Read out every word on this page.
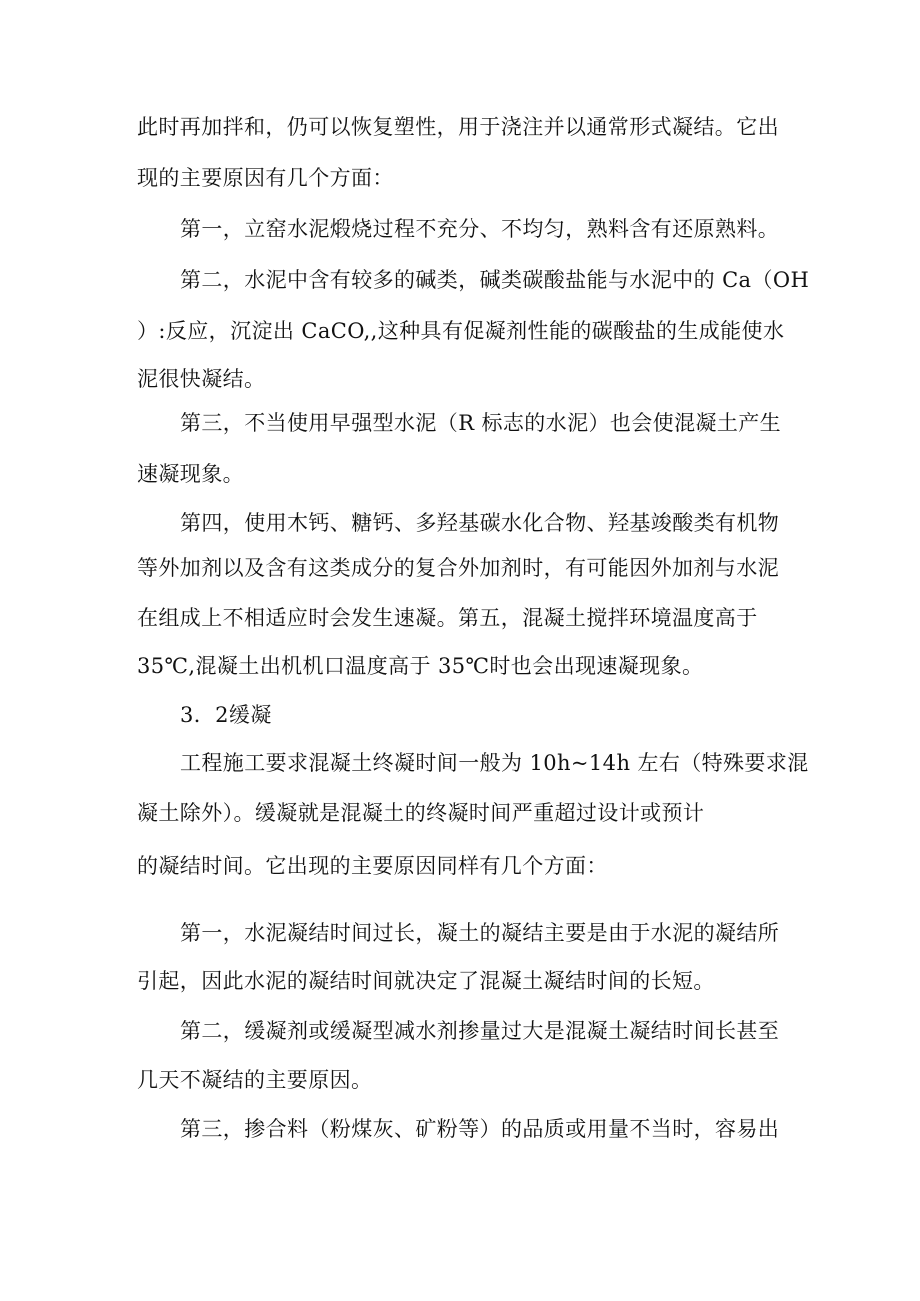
此时再加拌和，仍可以恢复塑性，用于浇注并以通常形式凝结。它出
现的主要原因有几个方面：
第一，立窑水泥煅烧过程不充分、不均匀，熟料含有还原熟料。
第二，水泥中含有较多的碱类，碱类碳酸盐能与水泥中的 Ca（OH
）:反应，沉淀出 CaCO,,这种具有促凝剂性能的碳酸盐的生成能使水
泥很快凝结。
第三，不当使用早强型水泥（R 标志的水泥）也会使混凝土产生
速凝现象。
第四，使用木钙、糖钙、多羟基碳水化合物、羟基竣酸类有机物
等外加剂以及含有这类成分的复合外加剂时，有可能因外加剂与水泥
在组成上不相适应时会发生速凝。第五，混凝土搅拌环境温度高于
35℃,混凝土出机机口温度高于 35℃时也会出现速凝现象。
3．2缓凝
工程施工要求混凝土终凝时间一般为 10h~14h 左右（特殊要求混
凝土除外）。缓凝就是混凝土的终凝时间严重超过设计或预计
的凝结时间。它出现的主要原因同样有几个方面：
第一，水泥凝结时间过长，凝土的凝结主要是由于水泥的凝结所
引起，因此水泥的凝结时间就决定了混凝土凝结时间的长短。
第二，缓凝剂或缓凝型减水剂掺量过大是混凝土凝结时间长甚至
几天不凝结的主要原因。
第三，掺合料（粉煤灰、矿粉等）的品质或用量不当时，容易出
